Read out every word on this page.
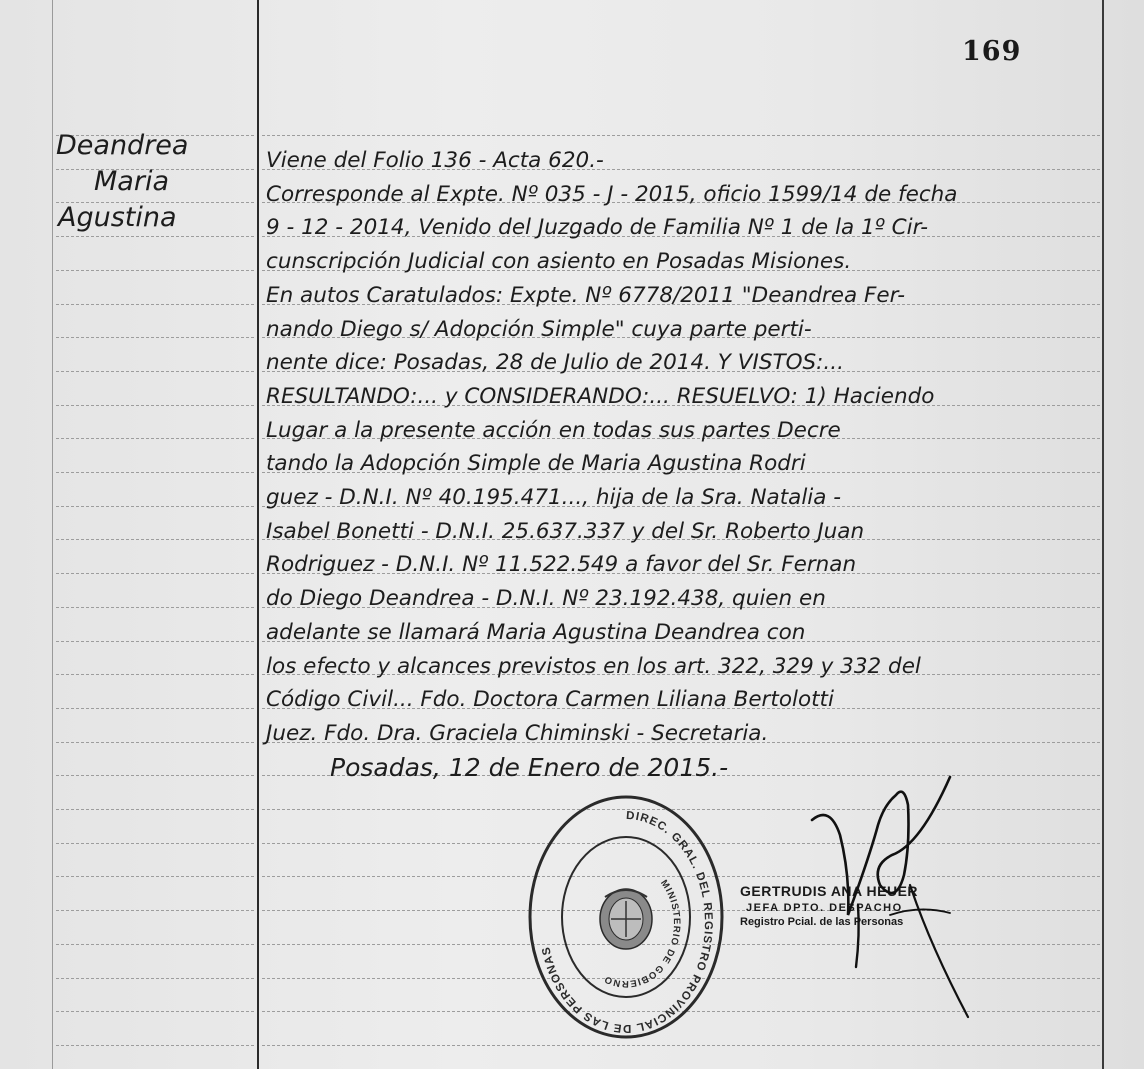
169
Deandrea
Maria
Agustina
Viene del Folio 136 - Acta 620.-
Corresponde al Expte. Nº 035 - J - 2015, oficio 1599/14 de fecha
9 - 12 - 2014, Venido del Juzgado de Familia Nº 1 de la 1º Cir-
cunscripción Judicial con asiento en Posadas Misiones.
En autos Caratulados: Expte. Nº 6778/2011 "Deandrea Fer-
nando Diego s/ Adopción Simple" cuya parte perti-
nente dice: Posadas, 28 de Julio de 2014. Y VISTOS:...
RESULTANDO:... y CONSIDERANDO:... RESUELVO: 1) Haciendo
Lugar a la presente acción en todas sus partes Decre
tando la Adopción Simple de Maria Agustina Rodri
guez - D.N.I. Nº 40.195.471..., hija de la Sra. Natalia -
Isabel Bonetti - D.N.I. 25.637.337 y del Sr. Roberto Juan
Rodriguez - D.N.I. Nº 11.522.549 a favor del Sr. Fernan
do Diego Deandrea - D.N.I. Nº 23.192.438, quien en
adelante se llamará Maria Agustina Deandrea con
los efecto y alcances previstos en los art. 322, 329 y 332 del
Código Civil... Fdo. Doctora Carmen Liliana Bertolotti
Juez. Fdo. Dra. Graciela Chiminski - Secretaria.
Posadas, 12 de Enero de 2015.-
DIREC. GRAL. DEL REGISTRO PROVINCIAL DE LAS PERSONAS
MINISTERIO DE GOBIERNO
GERTRUDIS ANA HEUER
JEFA DPTO. DESPACHO
Registro Pcial. de las Personas
